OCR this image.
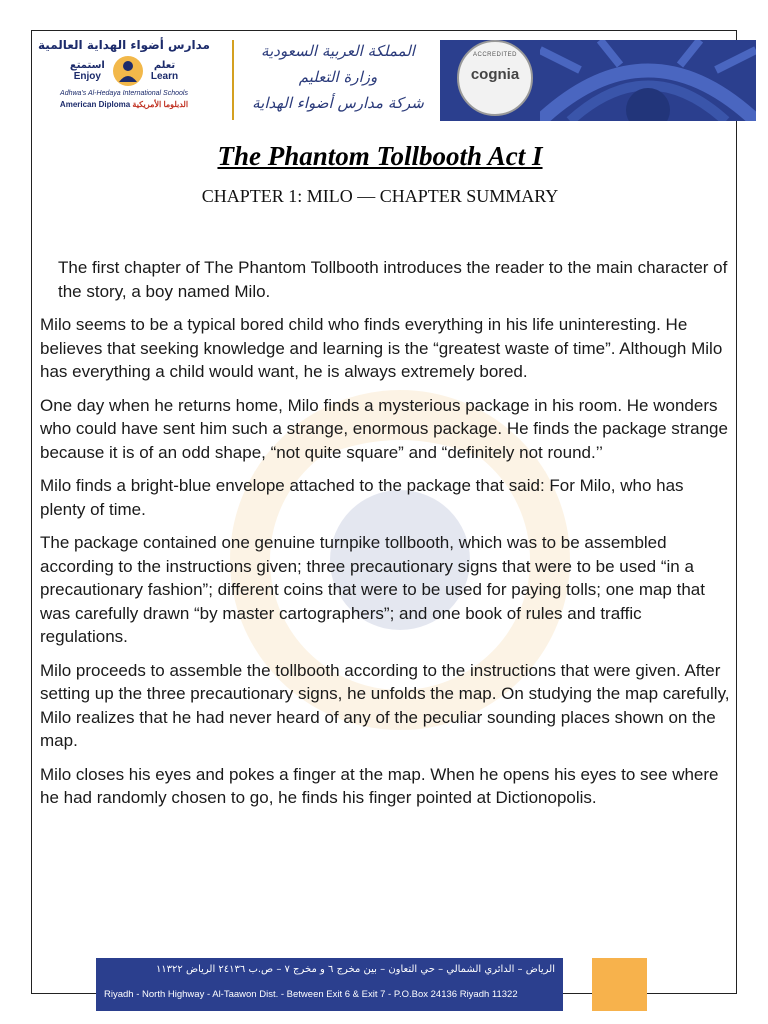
مدارس أضواء الهداية العالمية
استمتع
Enjoy
تعلم
Learn
Adhwa's Al-Hedaya International Schools
American Diploma الدبلوما الأمريكية
المملكة العربية السعودية
وزارة التعليم
شركة مدارس أضواء الهداية
ACCREDITED
cognia
The Phantom Tollbooth Act I
CHAPTER 1: MILO — CHAPTER SUMMARY

The first chapter of The Phantom Tollbooth introduces the reader to the main character of the story, a boy named Milo.

Milo seems to be a typical bored child who finds everything in his life uninteresting. He believes that seeking knowledge and learning is the “greatest waste of time”. Although Milo has everything a child would want, he is always extremely bored.

One day when he returns home, Milo finds a mysterious package in his room. He wonders who could have sent him such a strange, enormous package. He finds the package strange because it is of an odd shape, “not quite square” and “definitely not round.’’

Milo finds a bright-blue envelope attached to the package that said: For Milo, who has plenty of time.

The package contained one genuine turnpike tollbooth, which was to be assembled according to the instructions given; three precautionary signs that were to be used “in a precautionary fashion”; different coins that were to be used for paying tolls; one map that was carefully drawn “by master cartographers”; and one book of rules and traffic regulations.

Milo proceeds to assemble the tollbooth according to the instructions that were given. After setting up the three precautionary signs, he unfolds the map. On studying the map carefully, Milo realizes that he had never heard of any of the peculiar sounding places shown on the map.

Milo closes his eyes and pokes a finger at the map. When he opens his eyes to see where he had randomly chosen to go, he finds his finger pointed at Dictionopolis.

الرياض – الدائري الشمالي – حي التعاون – بين مخرج ٦ و مخرج ٧ – ص.ب ٢٤١٣٦ الرياض ١١٣٢٢
Riyadh - North Highway - Al-Taawon Dist. - Between Exit 6 & Exit 7 - P.O.Box 24136 Riyadh 11322
